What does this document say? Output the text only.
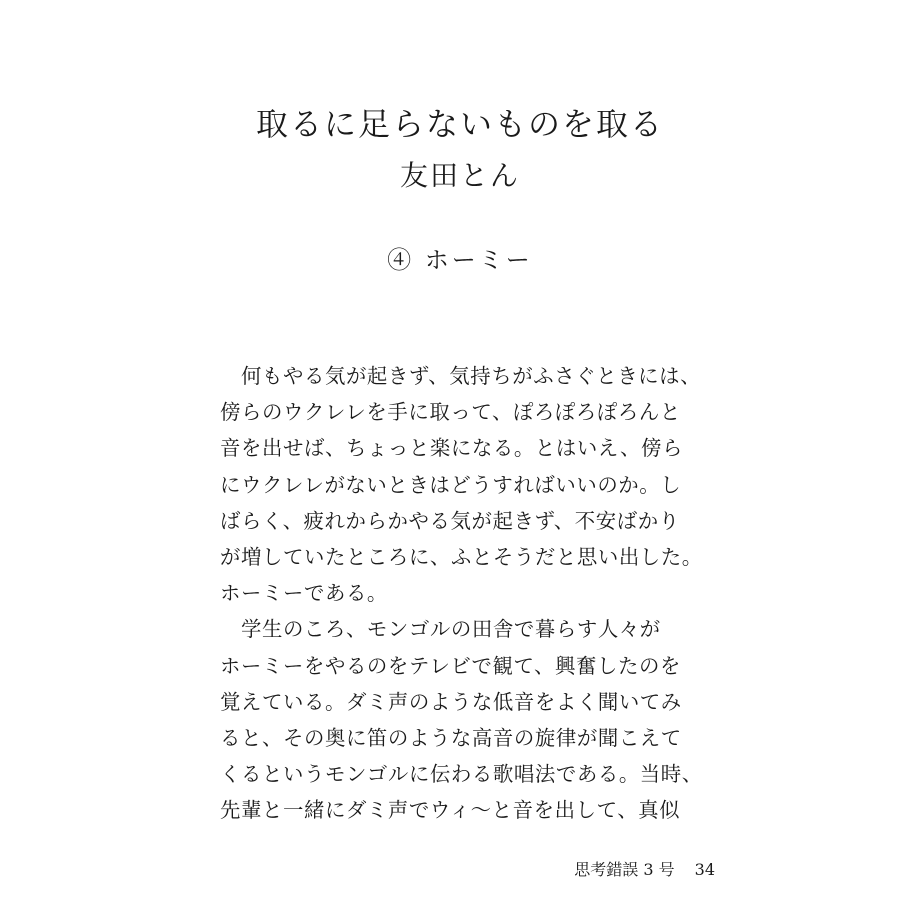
取るに足らないものを取る
友田とん
④ ホーミー
　何もやる気が起きず、気持ちがふさぐときには、
傍らのウクレレを手に取って、ぽろぽろぽろんと
音を出せば、ちょっと楽になる。とはいえ、傍ら
にウクレレがないときはどうすればいいのか。し
ばらく、疲れからかやる気が起きず、不安ばかり
が増していたところに、ふとそうだと思い出した。
ホーミーである。
　学生のころ、モンゴルの田舎で暮らす人々が
ホーミーをやるのをテレビで観て、興奮したのを
覚えている。ダミ声のような低音をよく聞いてみ
ると、その奥に笛のような高音の旋律が聞こえて
くるというモンゴルに伝わる歌唱法である。当時、
先輩と一緒にダミ声でウィ〜と音を出して、真似
思考錯誤 3 号 34
